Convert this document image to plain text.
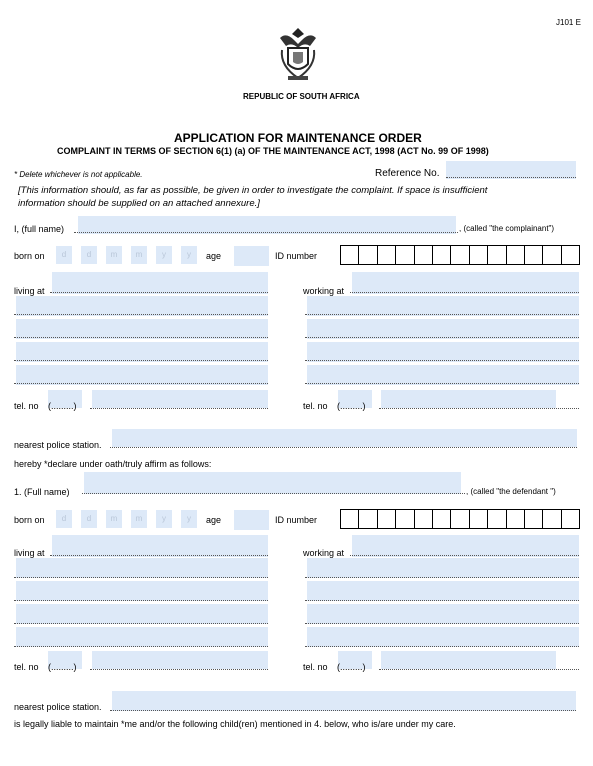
J101 E
REPUBLIC OF SOUTH AFRICA
APPLICATION FOR MAINTENANCE ORDER
COMPLAINT IN TERMS OF SECTION 6(1) (a) OF THE MAINTENANCE ACT, 1998 (ACT No. 99 OF 1998)
* Delete whichever is not applicable.	Reference No.
[This information should, as far as possible, be given in order to investigate the complaint. If space is insufficient
information should be supplied on an attached annexure.]
I, (full name)	, (called "the complainant")
born on	d	d	m	m	y	y	age	ID number
living at	working at
tel. no (.........)	tel. no (.........)
nearest police station.
hereby *declare under oath/truly affirm as follows:
1. (Full name)	, (called "the defendant ")
born on	d	d	m	m	y	y	age	ID number
living at	working at
tel. no (.........)	tel. no (.........)
nearest police station.
is legally liable to maintain *me and/or the following child(ren) mentioned in 4. below, who is/are under my care.
